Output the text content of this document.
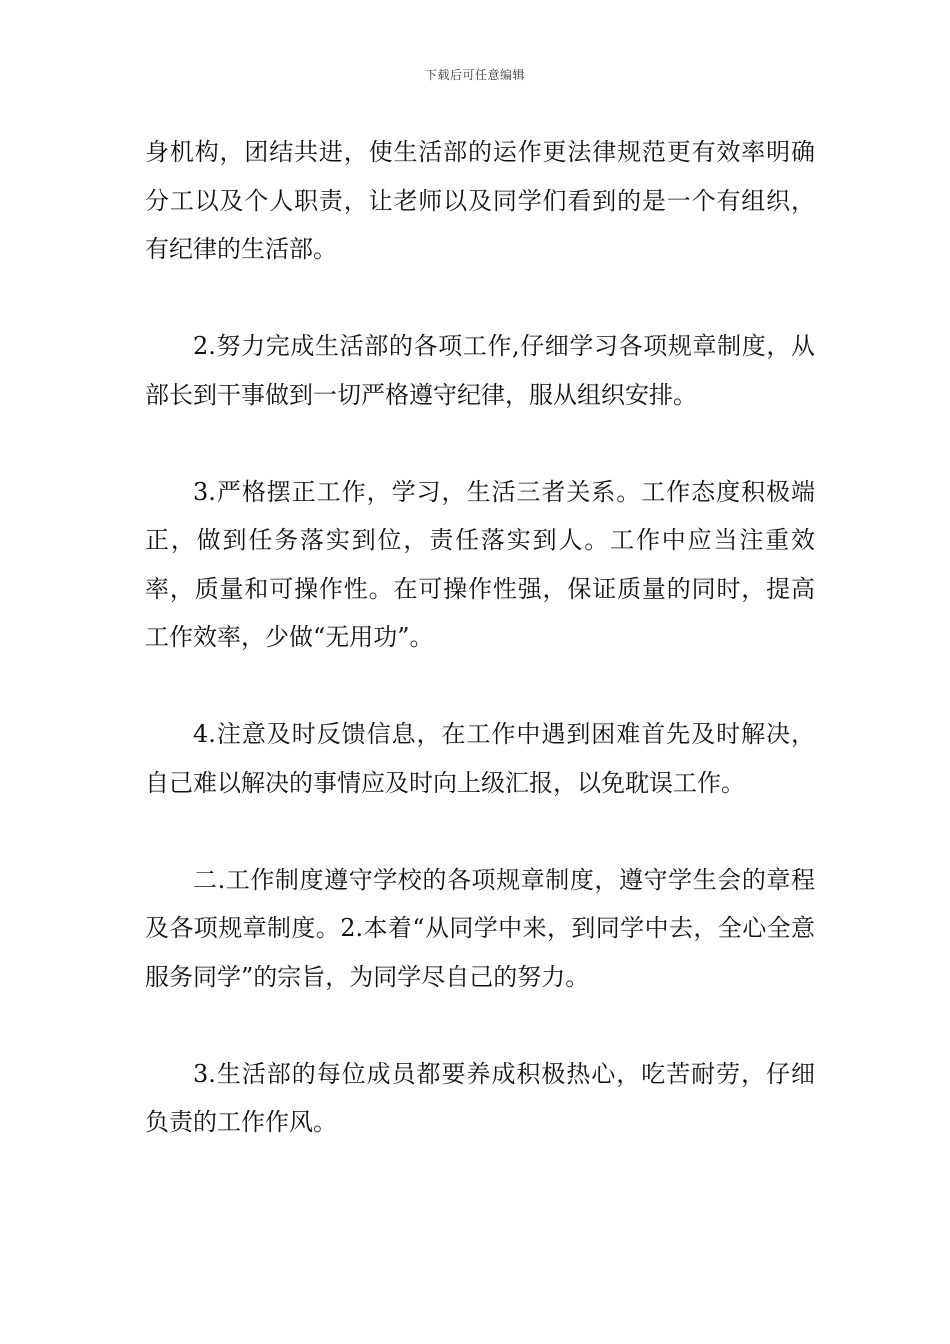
下载后可任意编辑

身机构，团结共进，使生活部的运作更法律规范更有效率明确分工以及个人职责，让老师以及同学们看到的是一个有组织，有纪律的生活部。

2.努力完成生活部的各项工作,仔细学习各项规章制度，从部长到干事做到一切严格遵守纪律，服从组织安排。

3.严格摆正工作，学习，生活三者关系。工作态度积极端正，做到任务落实到位，责任落实到人。工作中应当注重效率，质量和可操作性。在可操作性强，保证质量的同时，提高工作效率，少做“无用功”。

4.注意及时反馈信息，在工作中遇到困难首先及时解决，自己难以解决的事情应及时向上级汇报，以免耽误工作。

二.工作制度遵守学校的各项规章制度，遵守学生会的章程及各项规章制度。2.本着“从同学中来，到同学中去，全心全意服务同学”的宗旨，为同学尽自己的努力。

3.生活部的每位成员都要养成积极热心，吃苦耐劳，仔细负责的工作作风。
